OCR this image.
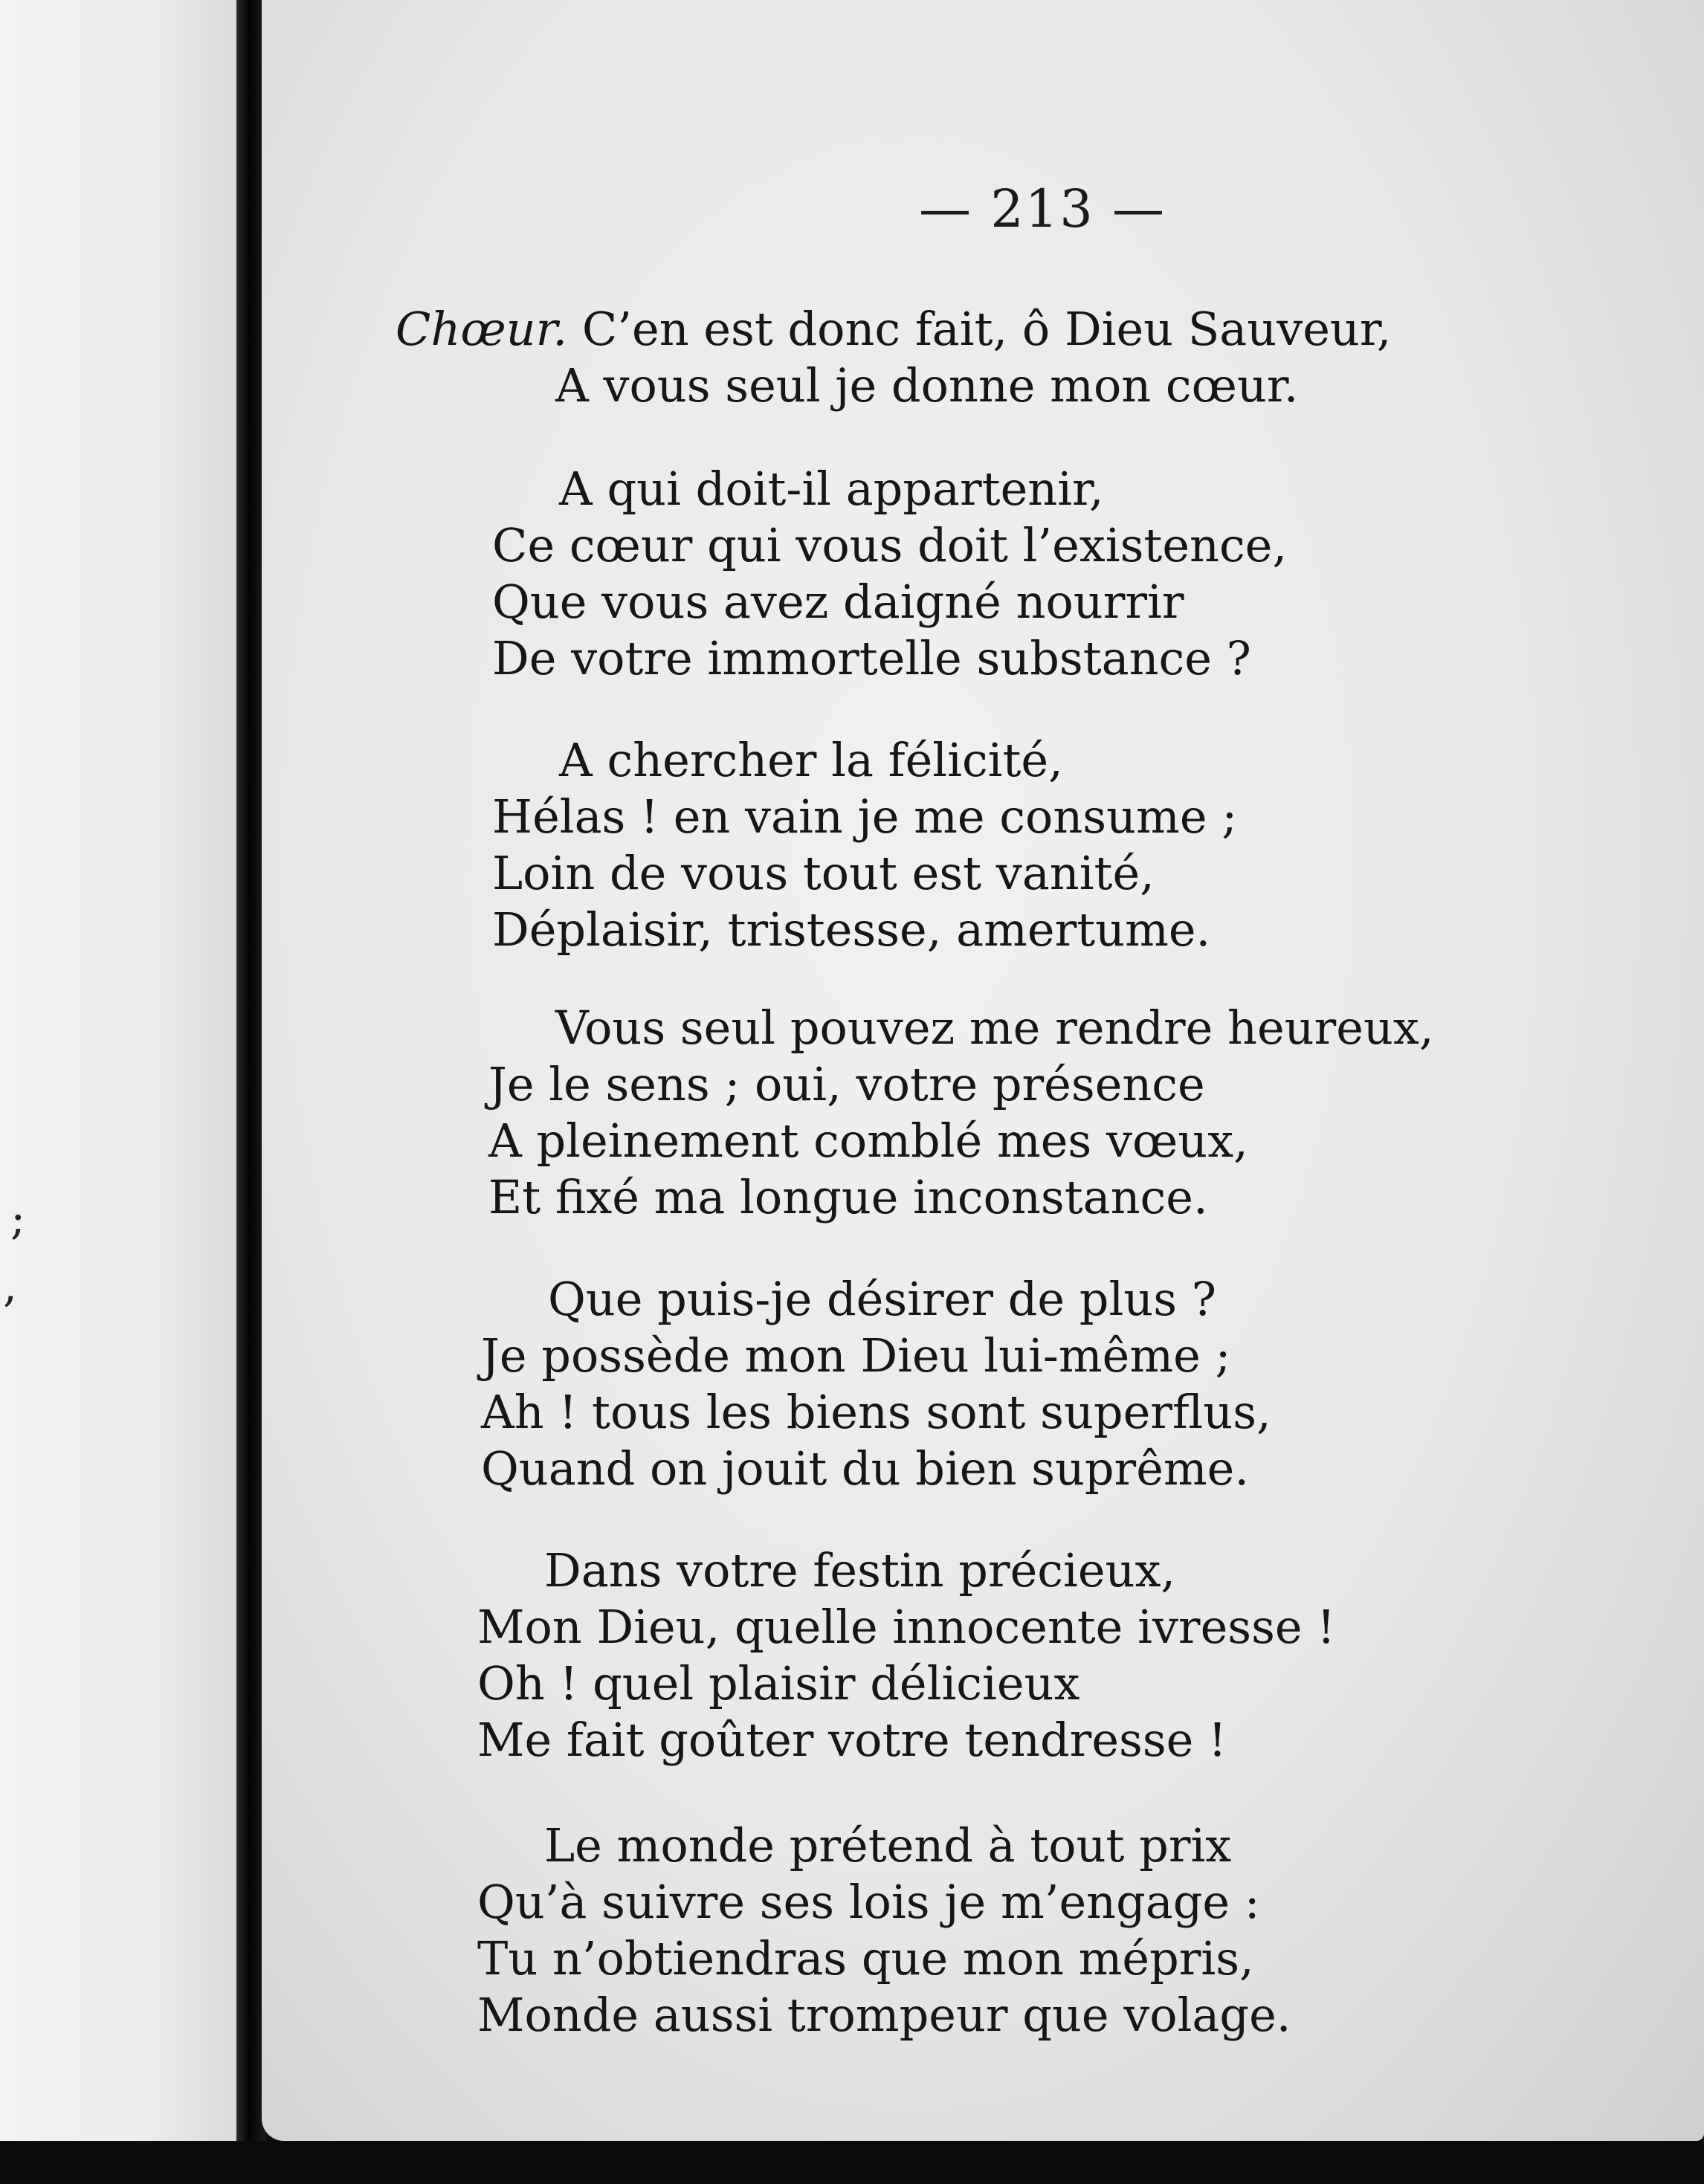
;
,
— 213 —
Chœur. C’en est donc fait, ô Dieu Sauveur,
A vous seul je donne mon cœur.
A qui doit-il appartenir,
Ce cœur qui vous doit l’existence,
Que vous avez daigné nourrir
De votre immortelle substance ?
A chercher la félicité,
Hélas ! en vain je me consume ;
Loin de vous tout est vanité,
Déplaisir, tristesse, amertume.
Vous seul pouvez me rendre heureux,
Je le sens ; oui, votre présence
A pleinement comblé mes vœux,
Et fixé ma longue inconstance.
Que puis-je désirer de plus ?
Je possède mon Dieu lui-même ;
Ah ! tous les biens sont superflus,
Quand on jouit du bien suprême.
Dans votre festin précieux,
Mon Dieu, quelle innocente ivresse !
Oh ! quel plaisir délicieux
Me fait goûter votre tendresse !
Le monde prétend à tout prix
Qu’à suivre ses lois je m’engage :
Tu n’obtiendras que mon mépris,
Monde aussi trompeur que volage.
